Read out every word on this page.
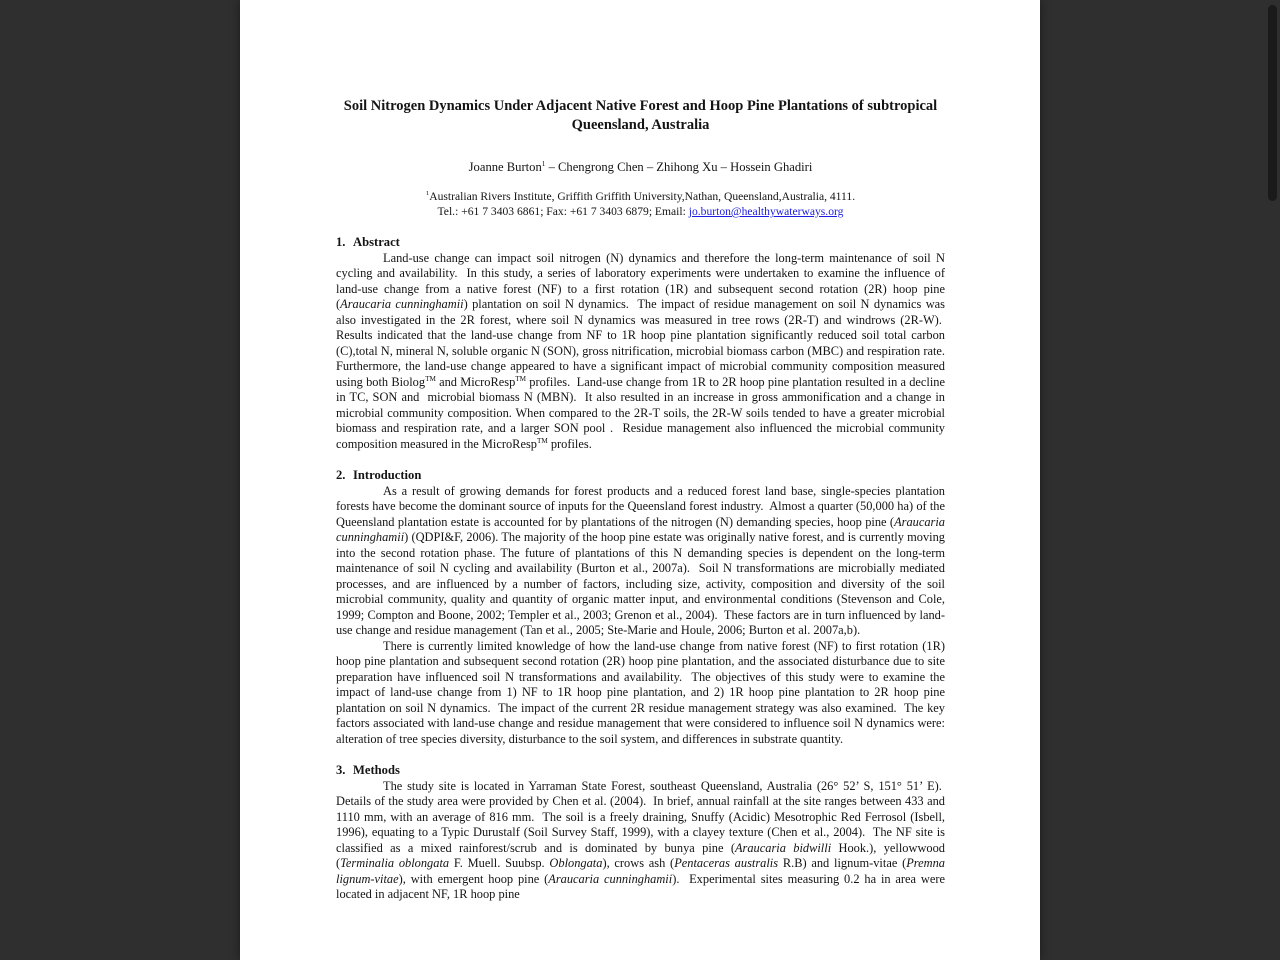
Soil Nitrogen Dynamics Under Adjacent Native Forest and Hoop Pine Plantations of subtropical Queensland, Australia

Joanne Burton$^1$ – Chengrong Chen – Zhihong Xu – Hossein Ghadiri

$^1$Australian Rivers Institute, Griffith Griffith University,Nathan, Queensland,Australia, 4111.

Tel.: +61 7 3403 6861; Fax: +61 7 3403 6879; Email: jo.burton@healthywaterways.org

1. Abstract

Land-use change can impact soil nitrogen (N) dynamics and therefore the long-term maintenance of soil N cycling and availability.  In this study, a series of laboratory experiments were undertaken to examine the influence of land-use change from a native forest (NF) to a first rotation (1R) and subsequent second rotation (2R) hoop pine (Araucaria cunninghamii) plantation on soil N dynamics.  The impact of residue management on soil N dynamics was also investigated in the 2R forest, where soil N dynamics was measured in tree rows (2R-T) and windrows (2R-W).  Results indicated that the land-use change from NF to 1R hoop pine plantation significantly reduced soil total carbon (C),total N, mineral N, soluble organic N (SON), gross nitrification, microbial biomass carbon (MBC) and respiration rate. Furthermore, the land-use change appeared to have a significant impact of microbial community composition measured using both Biolog™ and MicroResp™ profiles.  Land-use change from 1R to 2R hoop pine plantation resulted in a decline in TC, SON and  microbial biomass N (MBN).  It also resulted in an increase in gross ammonification and a change in microbial community composition. When compared to the 2R-T soils, the 2R-W soils tended to have a greater microbial biomass and respiration rate, and a larger SON pool .  Residue management also influenced the microbial community composition measured in the MicroResp™ profiles.

2. Introduction

As a result of growing demands for forest products and a reduced forest land base, single-species plantation forests have become the dominant source of inputs for the Queensland forest industry.  Almost a quarter (50,000 ha) of the Queensland plantation estate is accounted for by plantations of the nitrogen (N) demanding species, hoop pine (Araucaria cunninghamii) (QDPI&F, 2006). The majority of the hoop pine estate was originally native forest, and is currently moving into the second rotation phase. The future of plantations of this N demanding species is dependent on the long-term maintenance of soil N cycling and availability (Burton et al., 2007a).  Soil N transformations are microbially mediated processes, and are influenced by a number of factors, including size, activity, composition and diversity of the soil microbial community, quality and quantity of organic matter input, and environmental conditions (Stevenson and Cole, 1999; Compton and Boone, 2002; Templer et al., 2003; Grenon et al., 2004).  These factors are in turn influenced by land-use change and residue management (Tan et al., 2005; Ste-Marie and Houle, 2006; Burton et al. 2007a,b).

There is currently limited knowledge of how the land-use change from native forest (NF) to first rotation (1R) hoop pine plantation and subsequent second rotation (2R) hoop pine plantation, and the associated disturbance due to site preparation have influenced soil N transformations and availability.  The objectives of this study were to examine the impact of land-use change from 1) NF to 1R hoop pine plantation, and 2) 1R hoop pine plantation to 2R hoop pine plantation on soil N dynamics.  The impact of the current 2R residue management strategy was also examined.  The key factors associated with land-use change and residue management that were considered to influence soil N dynamics were: alteration of tree species diversity, disturbance to the soil system, and differences in substrate quantity.

3. Methods

The study site is located in Yarraman State Forest, southeast Queensland, Australia (26° 52’ S, 151° 51’ E).  Details of the study area were provided by Chen et al. (2004).  In brief, annual rainfall at the site ranges between 433 and 1110 mm, with an average of 816 mm.  The soil is a freely draining, Snuffy (Acidic) Mesotrophic Red Ferrosol (Isbell, 1996), equating to a Typic Durustalf (Soil Survey Staff, 1999), with a clayey texture (Chen et al., 2004).  The NF site is classified as a mixed rainforest/scrub and is dominated by bunya pine (Araucaria bidwilli Hook.), yellowwood (Terminalia oblongata F. Muell. Suubsp. Oblongata), crows ash (Pentaceras australis R.B) and lignum-vitae (Premna lignum-vitae), with emergent hoop pine (Araucaria cunninghamii).  Experimental sites measuring 0.2 ha in area were located in adjacent NF, 1R hoop pine
